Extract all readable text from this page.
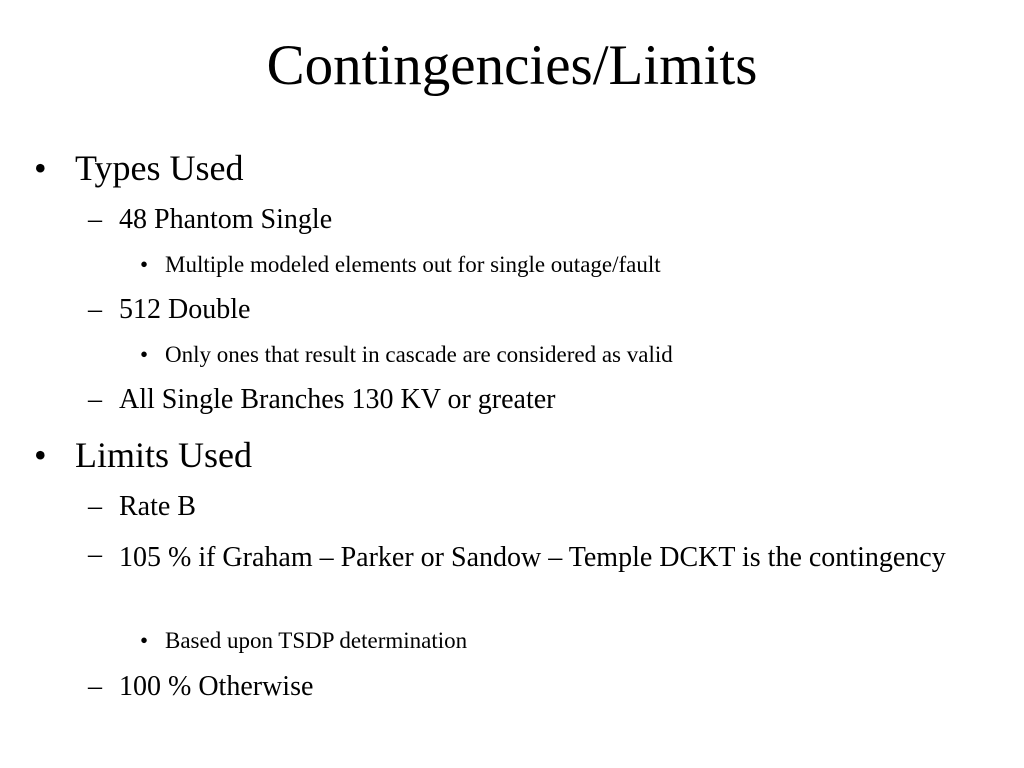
Contingencies/Limits
• Types Used
– 48 Phantom Single
• Multiple modeled elements out for single outage/fault
– 512 Double
• Only ones that result in cascade are considered as valid
– All Single Branches 130 KV or greater
• Limits Used
– Rate B
– 105 % if Graham – Parker or Sandow – Temple DCKT is the contingency
• Based upon TSDP determination
– 100 % Otherwise
